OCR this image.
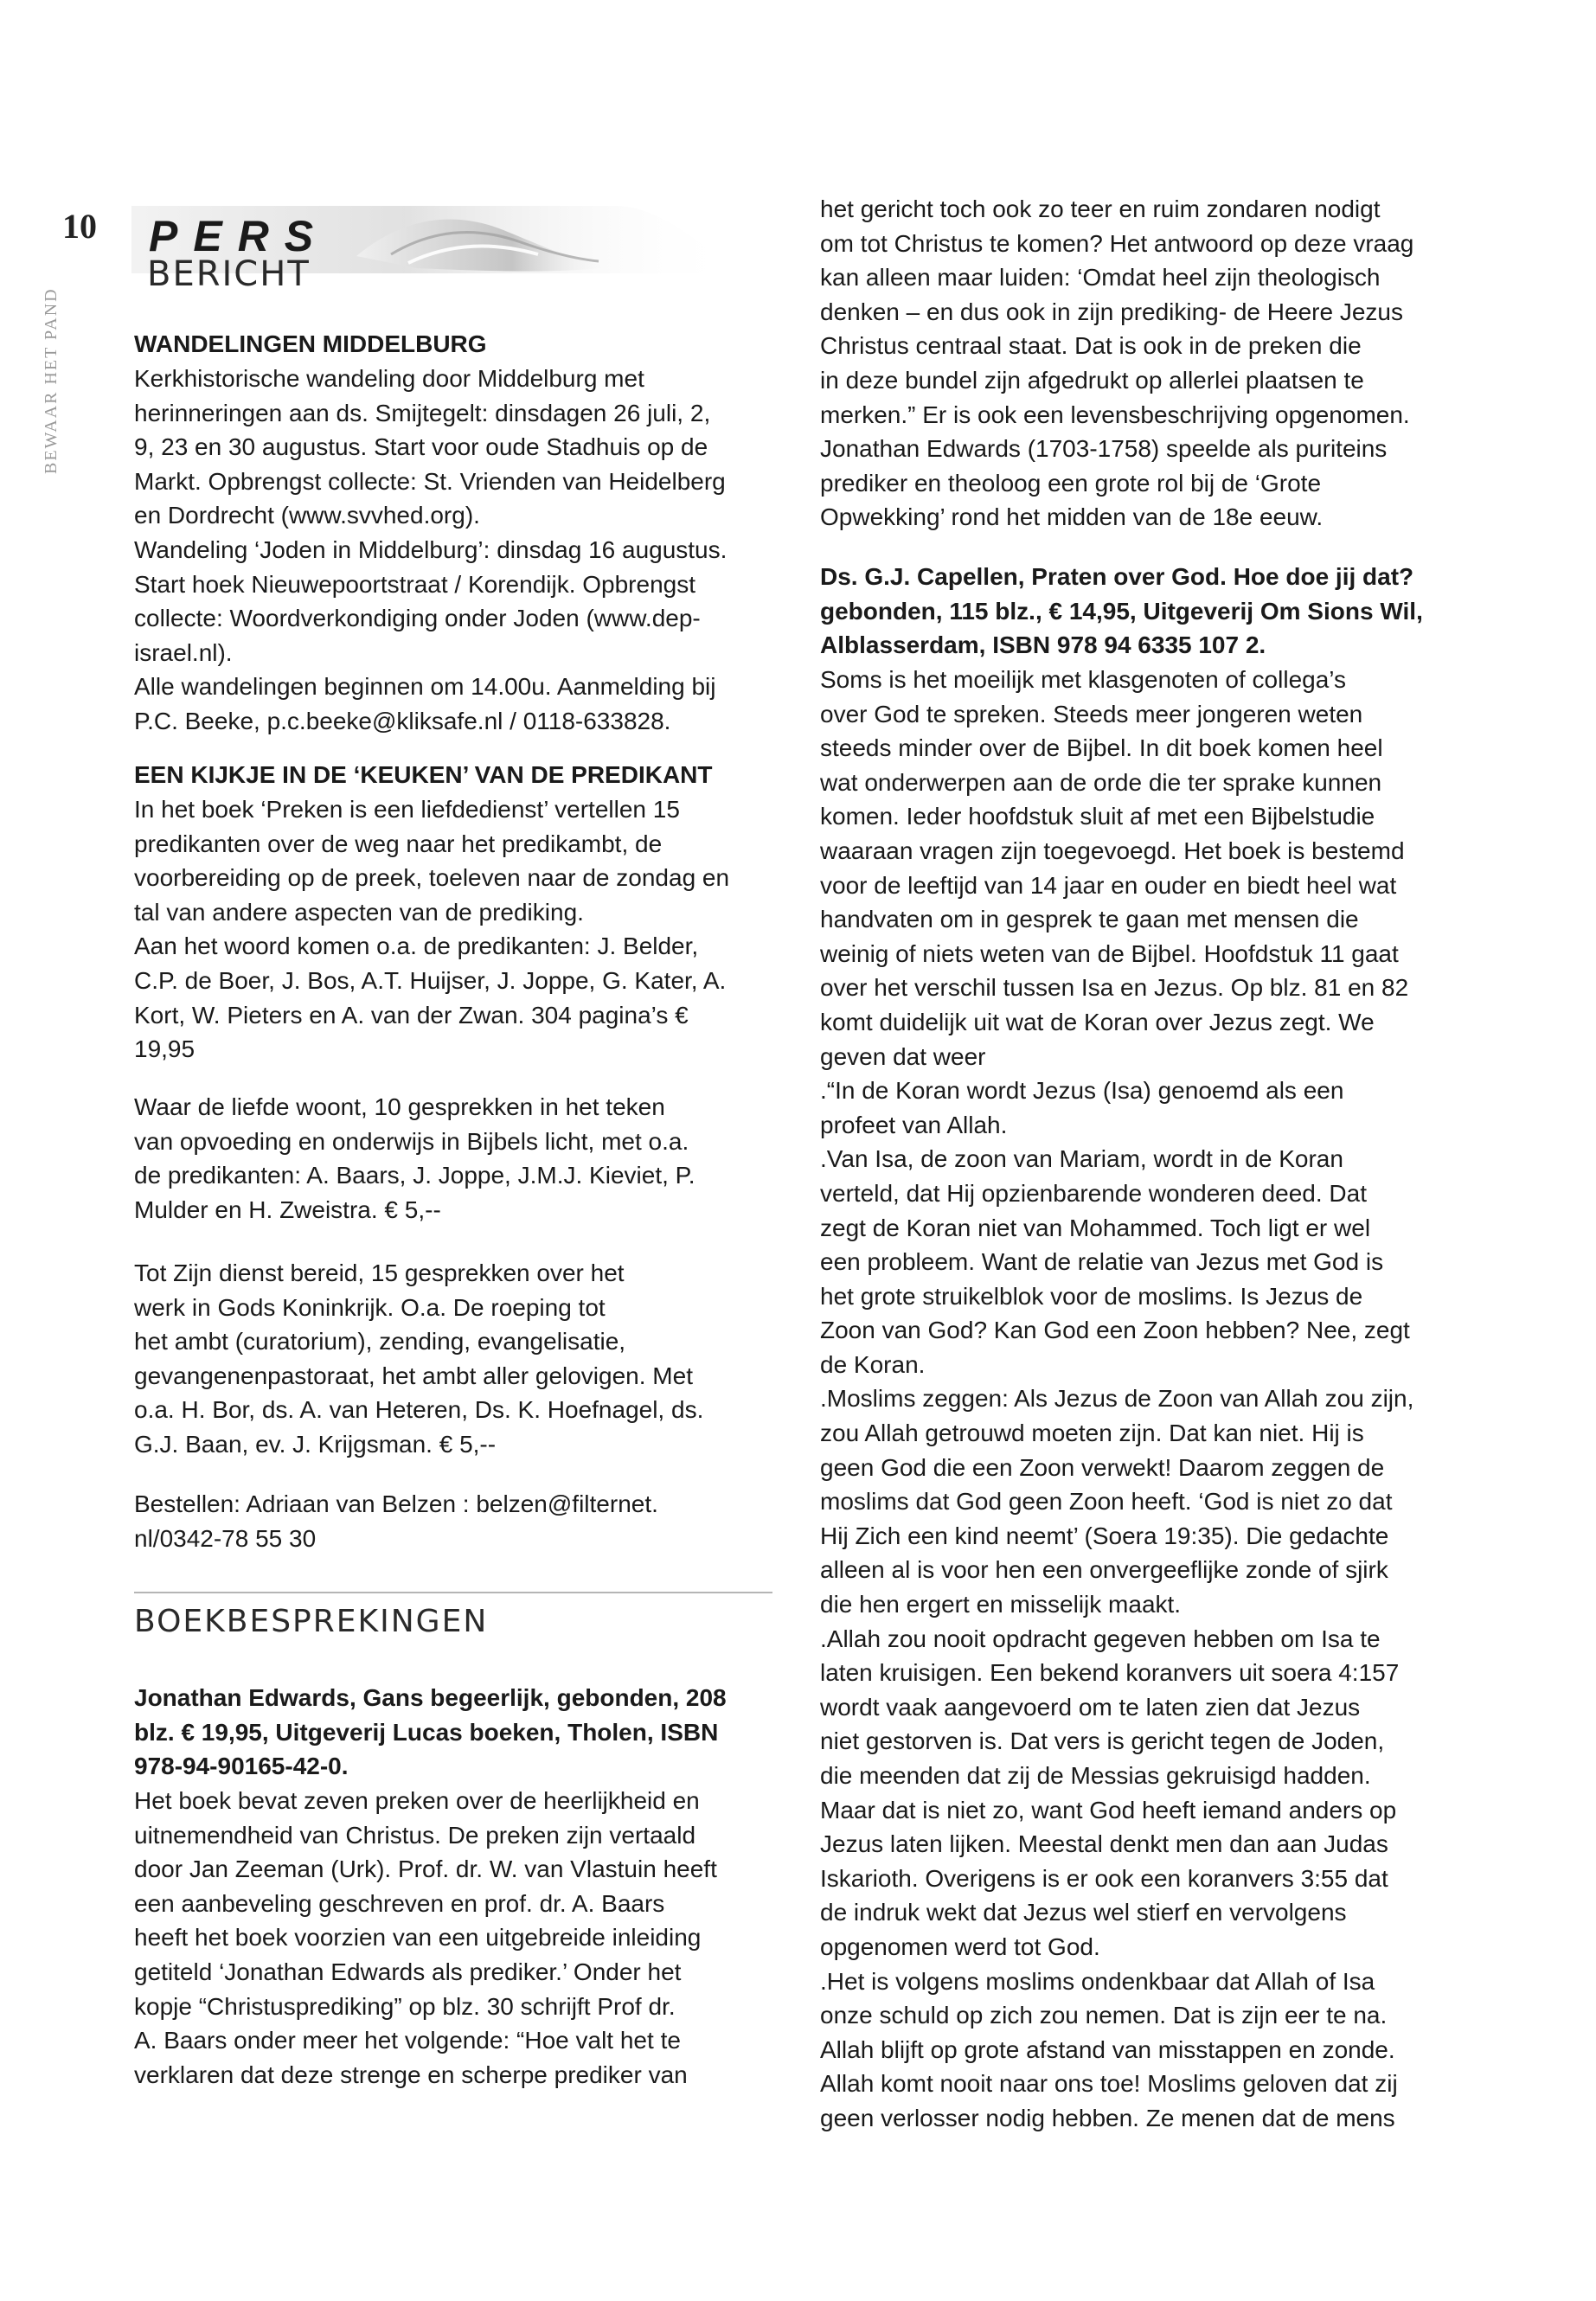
10
BEWAAR HET PAND
PERS
BERICHT
WANDELINGEN MIDDELBURG
Kerkhistorische wandeling door Middelburg met
herinneringen aan ds. Smijtegelt: dinsdagen 26 juli, 2,
9, 23 en 30 augustus. Start voor oude Stadhuis op de
Markt. Opbrengst collecte: St. Vrienden van Heidelberg
en Dordrecht (www.svvhed.org).
Wandeling ‘Joden in Middelburg’: dinsdag 16 augustus.
Start hoek Nieuwepoortstraat / Korendijk. Opbrengst
collecte: Woordverkondiging onder Joden (www.dep-
israel.nl).
Alle wandelingen beginnen om 14.00u. Aanmelding bij
P.C. Beeke, p.c.beeke@kliksafe.nl / 0118-633828.
EEN KIJKJE IN DE ‘KEUKEN’ VAN DE PREDIKANT
In het boek ‘Preken is een liefdedienst’ vertellen 15
predikanten over de weg naar het predikambt, de
voorbereiding op de preek, toeleven naar de zondag en
tal van andere aspecten van de prediking.
Aan het woord komen o.a. de predikanten: J. Belder,
C.P. de Boer, J. Bos, A.T. Huijser, J. Joppe, G. Kater, A.
Kort, W. Pieters en A. van der Zwan. 304 pagina’s €
19,95
Waar de liefde woont, 10 gesprekken in het teken
van opvoeding en onderwijs in Bijbels licht, met o.a.
de predikanten: A. Baars, J. Joppe, J.M.J. Kieviet, P.
Mulder en H. Zweistra. € 5,--
Tot Zijn dienst bereid, 15 gesprekken over het
werk in Gods Koninkrijk. O.a. De roeping tot
het ambt (curatorium), zending, evangelisatie,
gevangenenpastoraat, het ambt aller gelovigen. Met
o.a. H. Bor, ds. A. van Heteren, Ds. K. Hoefnagel, ds.
G.J. Baan, ev. J. Krijgsman. € 5,--
Bestellen: Adriaan van Belzen : belzen@filternet.
nl/0342-78 55 30
Jonathan Edwards, Gans begeerlijk, gebonden, 208
blz. € 19,95, Uitgeverij Lucas boeken, Tholen, ISBN
978-94-90165-42-0.
Het boek bevat zeven preken over de heerlijkheid en
uitnemendheid van Christus. De preken zijn vertaald
door Jan Zeeman (Urk). Prof. dr. W. van Vlastuin heeft
een aanbeveling geschreven en prof. dr. A. Baars
heeft het boek voorzien van een uitgebreide inleiding
getiteld ‘Jonathan Edwards als prediker.’ Onder het
kopje “Christusprediking” op blz. 30 schrijft Prof dr.
A. Baars onder meer het volgende: “Hoe valt het te
verklaren dat deze strenge en scherpe prediker van
BOEKBESPREKINGEN
het gericht toch ook zo teer en ruim zondaren nodigt
om tot Christus te komen? Het antwoord op deze vraag
kan alleen maar luiden: ‘Omdat heel zijn theologisch
denken – en dus ook in zijn prediking- de Heere Jezus
Christus centraal staat. Dat is ook in de preken die
in deze bundel zijn afgedrukt op allerlei plaatsen te
merken.” Er is ook een levensbeschrijving opgenomen.
Jonathan Edwards (1703-1758) speelde als puriteins
prediker en theoloog een grote rol bij de ‘Grote
Opwekking’ rond het midden van de 18e eeuw.
Ds. G.J. Capellen, Praten over God. Hoe doe jij dat?
gebonden, 115 blz., € 14,95, Uitgeverij Om Sions Wil,
Alblasserdam, ISBN 978 94 6335 107 2.
Soms is het moeilijk met klasgenoten of collega’s
over God te spreken. Steeds meer jongeren weten
steeds minder over de Bijbel. In dit boek komen heel
wat onderwerpen aan de orde die ter sprake kunnen
komen. Ieder hoofdstuk sluit af met een Bijbelstudie
waaraan vragen zijn toegevoegd. Het boek is bestemd
voor de leeftijd van 14 jaar en ouder en biedt heel wat
handvaten om in gesprek te gaan met mensen die
weinig of niets weten van de Bijbel. Hoofdstuk 11 gaat
over het verschil tussen Isa en Jezus. Op blz. 81 en 82
komt duidelijk uit wat de Koran over Jezus zegt. We
geven dat weer
.“In de Koran wordt Jezus (Isa) genoemd als een
profeet van Allah.
.Van Isa, de zoon van Mariam, wordt in de Koran
verteld, dat Hij opzienbarende wonderen deed. Dat
zegt de Koran niet van Mohammed. Toch ligt er wel
een probleem. Want de relatie van Jezus met God is
het grote struikelblok voor de moslims. Is Jezus de
Zoon van God? Kan God een Zoon hebben? Nee, zegt
de Koran.
.Moslims zeggen: Als Jezus de Zoon van Allah zou zijn,
zou Allah getrouwd moeten zijn. Dat kan niet. Hij is
geen God die een Zoon verwekt! Daarom zeggen de
moslims dat God geen Zoon heeft. ‘God is niet zo dat
Hij Zich een kind neemt’ (Soera 19:35). Die gedachte
alleen al is voor hen een onvergeeflijke zonde of sjirk
die hen ergert en misselijk maakt.
.Allah zou nooit opdracht gegeven hebben om Isa te
laten kruisigen. Een bekend koranvers uit soera 4:157
wordt vaak aangevoerd om te laten zien dat Jezus
niet gestorven is. Dat vers is gericht tegen de Joden,
die meenden dat zij de Messias gekruisigd hadden.
Maar dat is niet zo, want God heeft iemand anders op
Jezus laten lijken. Meestal denkt men dan aan Judas
Iskarioth. Overigens is er ook een koranvers 3:55 dat
de indruk wekt dat Jezus wel stierf en vervolgens
opgenomen werd tot God.
.Het is volgens moslims ondenkbaar dat Allah of Isa
onze schuld op zich zou nemen. Dat is zijn eer te na.
Allah blijft op grote afstand van misstappen en zonde.
Allah komt nooit naar ons toe! Moslims geloven dat zij
geen verlosser nodig hebben. Ze menen dat de mens
